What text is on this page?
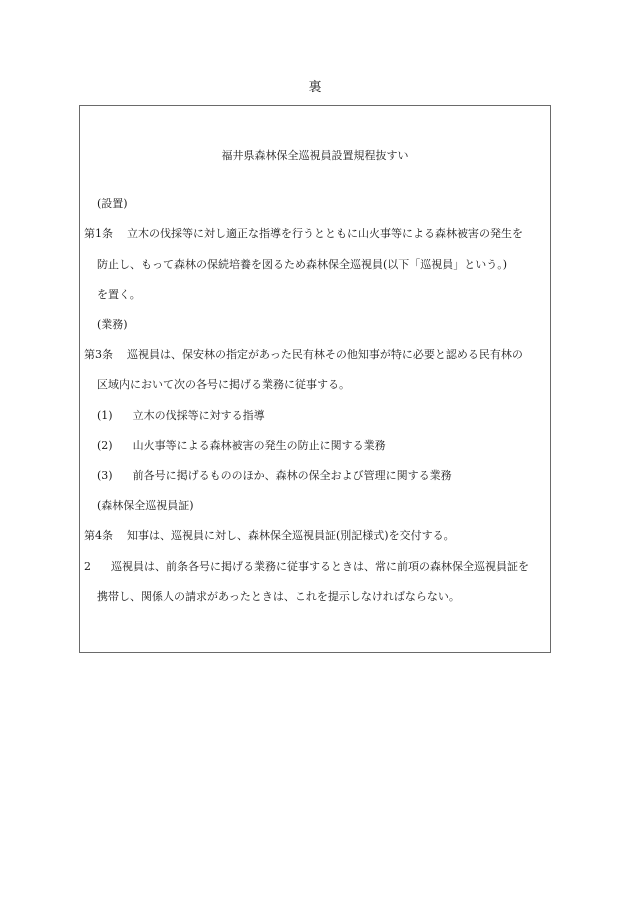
裏
福井県森林保全巡視員設置規程抜すい
(設置)
第1条 立木の伐採等に対し適正な指導を行うとともに山火事等による森林被害の発生を
防止し、もって森林の保続培養を図るため森林保全巡視員(以下「巡視員」という。)
を置く。
(業務)
第3条 巡視員は、保安林の指定があった民有林その他知事が特に必要と認める民有林の
区域内において次の各号に掲げる業務に従事する。
(1) 立木の伐採等に対する指導
(2) 山火事等による森林被害の発生の防止に関する業務
(3) 前各号に掲げるもののほか、森林の保全および管理に関する業務
(森林保全巡視員証)
第4条 知事は、巡視員に対し、森林保全巡視員証(別記様式)を交付する。
2 巡視員は、前条各号に掲げる業務に従事するときは、常に前項の森林保全巡視員証を
携帯し、関係人の請求があったときは、これを提示しなければならない。
